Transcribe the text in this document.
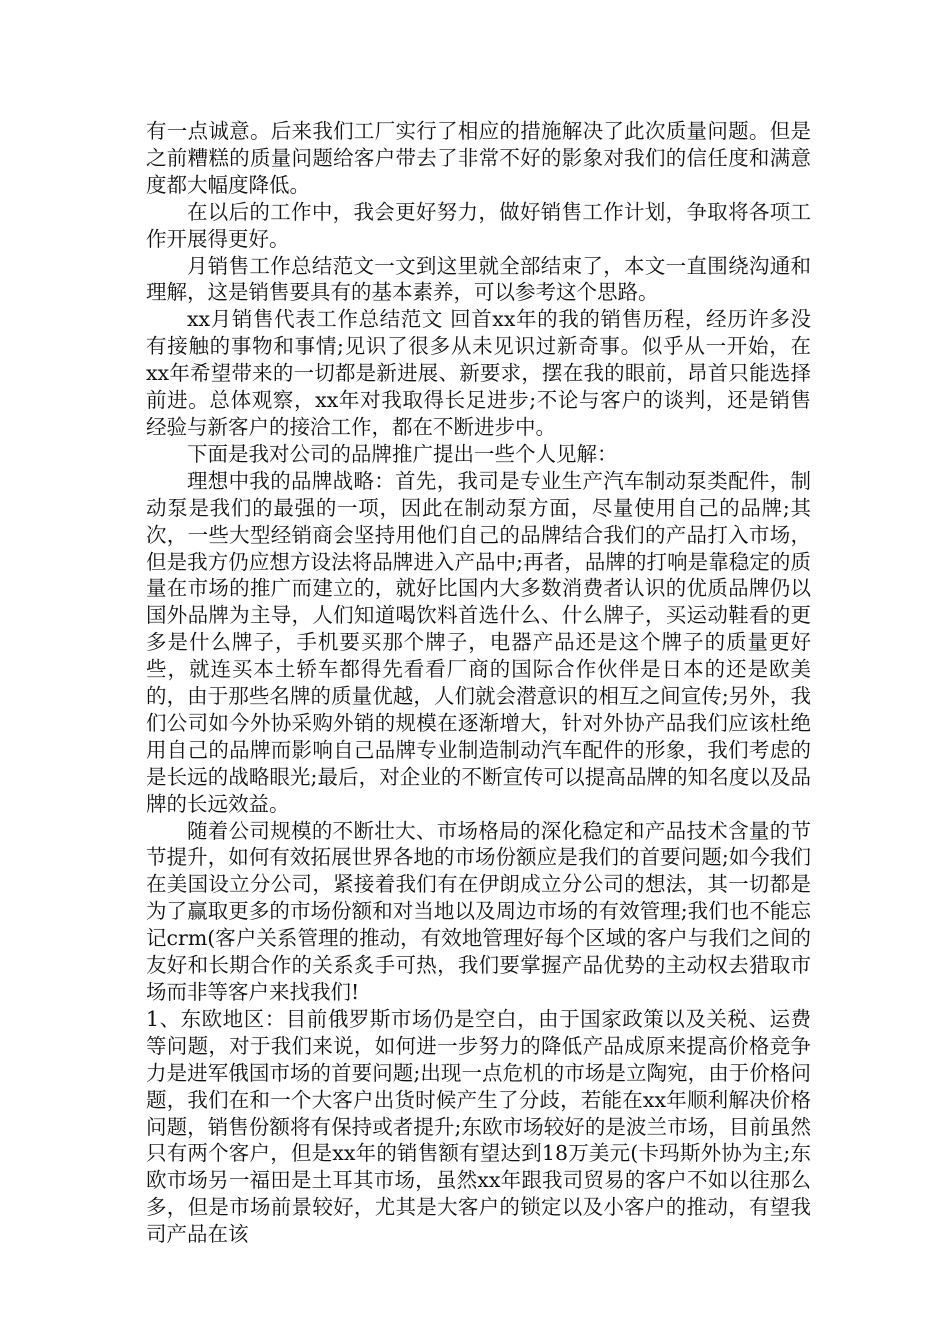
有一点诚意。后来我们工厂实行了相应的措施解决了此次质量问题。但是之前糟糕的质量问题给客户带去了非常不好的影象对我们的信任度和满意度都大幅度降低。

在以后的工作中，我会更好努力，做好销售工作计划，争取将各项工作开展得更好。

月销售工作总结范文一文到这里就全部结束了，本文一直围绕沟通和理解，这是销售要具有的基本素养，可以参考这个思路。

xx月销售代表工作总结范文 回首xx年的我的销售历程，经历许多没有接触的事物和事情;见识了很多从未见识过新奇事。似乎从一开始，在xx年希望带来的一切都是新进展、新要求，摆在我的眼前，昂首只能选择前进。总体观察，xx年对我取得长足进步;不论与客户的谈判，还是销售经验与新客户的接洽工作，都在不断进步中。

下面是我对公司的品牌推广提出一些个人见解：

理想中我的品牌战略：首先，我司是专业生产汽车制动泵类配件，制动泵是我们的最强的一项，因此在制动泵方面，尽量使用自己的品牌;其次，一些大型经销商会坚持用他们自己的品牌结合我们的产品打入市场，但是我方仍应想方设法将品牌进入产品中;再者，品牌的打响是靠稳定的质量在市场的推广而建立的，就好比国内大多数消费者认识的优质品牌仍以国外品牌为主导，人们知道喝饮料首选什么、什么牌子，买运动鞋看的更多是什么牌子，手机要买那个牌子，电器产品还是这个牌子的质量更好些，就连买本土轿车都得先看看厂商的国际合作伙伴是日本的还是欧美的，由于那些名牌的质量优越，人们就会潜意识的相互之间宣传;另外，我们公司如今外协采购外销的规模在逐渐增大，针对外协产品我们应该杜绝用自己的品牌而影响自己品牌专业制造制动汽车配件的形象，我们考虑的是长远的战略眼光;最后，对企业的不断宣传可以提高品牌的知名度以及品牌的长远效益。

随着公司规模的不断壮大、市场格局的深化稳定和产品技术含量的节节提升，如何有效拓展世界各地的市场份额应是我们的首要问题;如今我们在美国设立分公司，紧接着我们有在伊朗成立分公司的想法，其一切都是为了赢取更多的市场份额和对当地以及周边市场的有效管理;我们也不能忘记crm(客户关系管理的推动，有效地管理好每个区域的客户与我们之间的友好和长期合作的关系炙手可热，我们要掌握产品优势的主动权去猎取市场而非等客户来找我们!

1、东欧地区：目前俄罗斯市场仍是空白，由于国家政策以及关税、运费等问题，对于我们来说，如何进一步努力的降低产品成原来提高价格竞争力是进军俄国市场的首要问题;出现一点危机的市场是立陶宛，由于价格问题，我们在和一个大客户出货时候产生了分歧，若能在xx年顺利解决价格问题，销售份额将有保持或者提升;东欧市场较好的是波兰市场，目前虽然只有两个客户，但是xx年的销售额有望达到18万美元(卡玛斯外协为主;东欧市场另一福田是土耳其市场，虽然xx年跟我司贸易的客户不如以往那么多，但是市场前景较好，尤其是大客户的锁定以及小客户的推动，有望我司产品在该
